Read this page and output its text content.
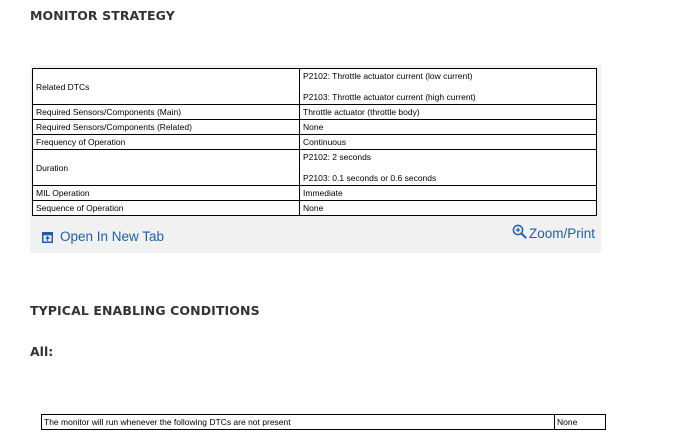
MONITOR STRATEGY
Related DTCs	P2102: Throttle actuator current (low current)
P2103: Throttle actuator current (high current)

Required Sensors/Components (Main)	Throttle actuator (throttle body)
Required Sensors/Components (Related)	None
Frequency of Operation	Continuous
Duration	P2102: 2 seconds
P2103: 0.1 seconds or 0.6 seconds

MIL Operation	Immediate
Sequence of Operation	None
Open In New Tab	Zoom/Print
TYPICAL ENABLING CONDITIONS
All:
The monitor will run whenever the following DTCs are not present	None
